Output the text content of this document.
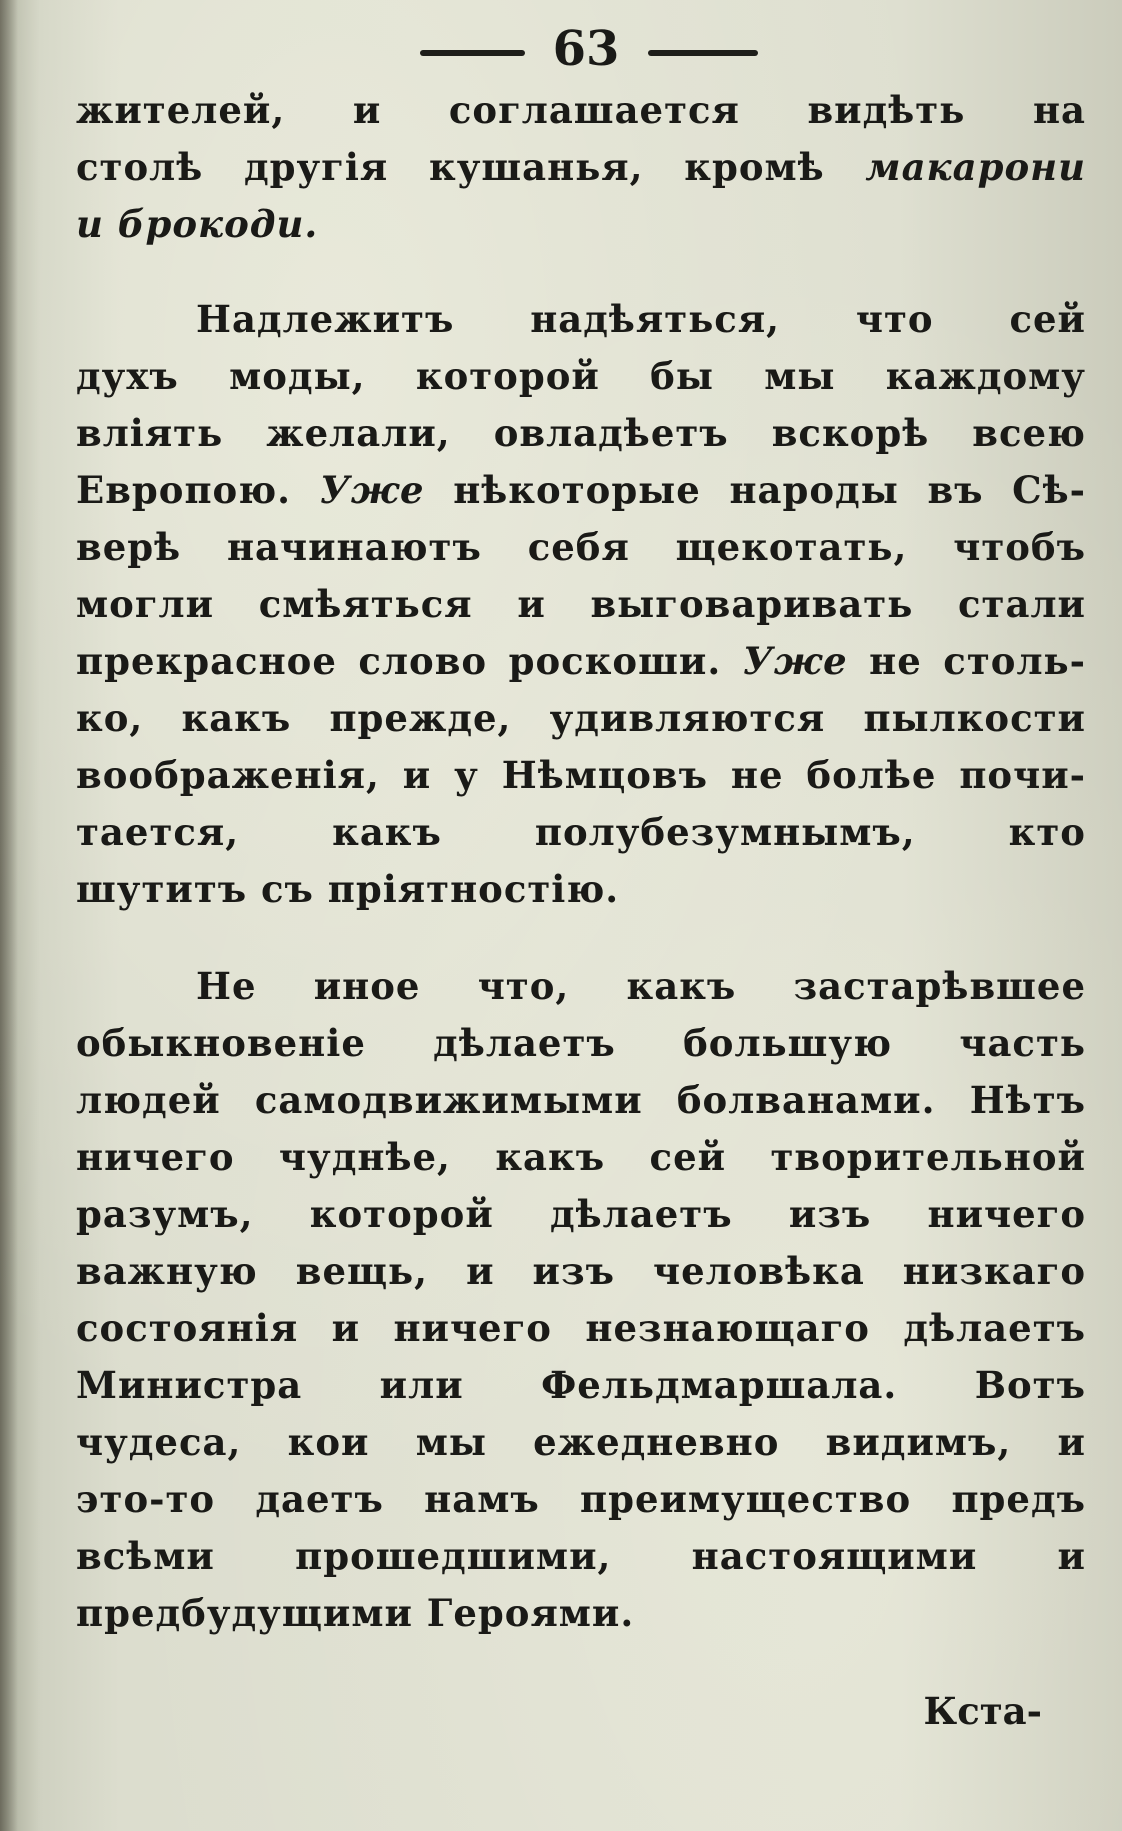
63
жителей, и соглашается видѣть на
столѣ другія кушанья, кромѣ макарони
и брокоди.
Надлежитъ надѣяться, что сей
духъ моды, которой бы мы каждому
влiять желали, овладѣетъ вскорѣ всею
Европою. Уже нѣкоторые народы въ Сѣ-
верѣ начинаютъ себя щекотать, чтобъ
могли смѣяться и выговаривать стали
прекрасное слово роскоши. Уже не столь-
ко, какъ прежде, удивляются пылкости
воображенія, и у Нѣмцовъ не болѣе почи-
тается, какъ полубезумнымъ, кто
шутитъ съ пріятностію.
Не иное что, какъ застарѣвшее
обыкновеніе дѣлаетъ большую часть
людей самодвижимыми болванами. Нѣтъ
ничего чуднѣе, какъ сей творительной
разумъ, которой дѣлаетъ изъ ничего
важную вещь, и изъ человѣка низкаго
состоянія и ничего незнающаго дѣлаетъ
Министра или Фельдмаршала. Вотъ
чудеса, кои мы ежедневно видимъ, и
это-то даетъ намъ преимущество предъ
всѣми прошедшими, настоящими и
предбудущими Героями.
Кста-
